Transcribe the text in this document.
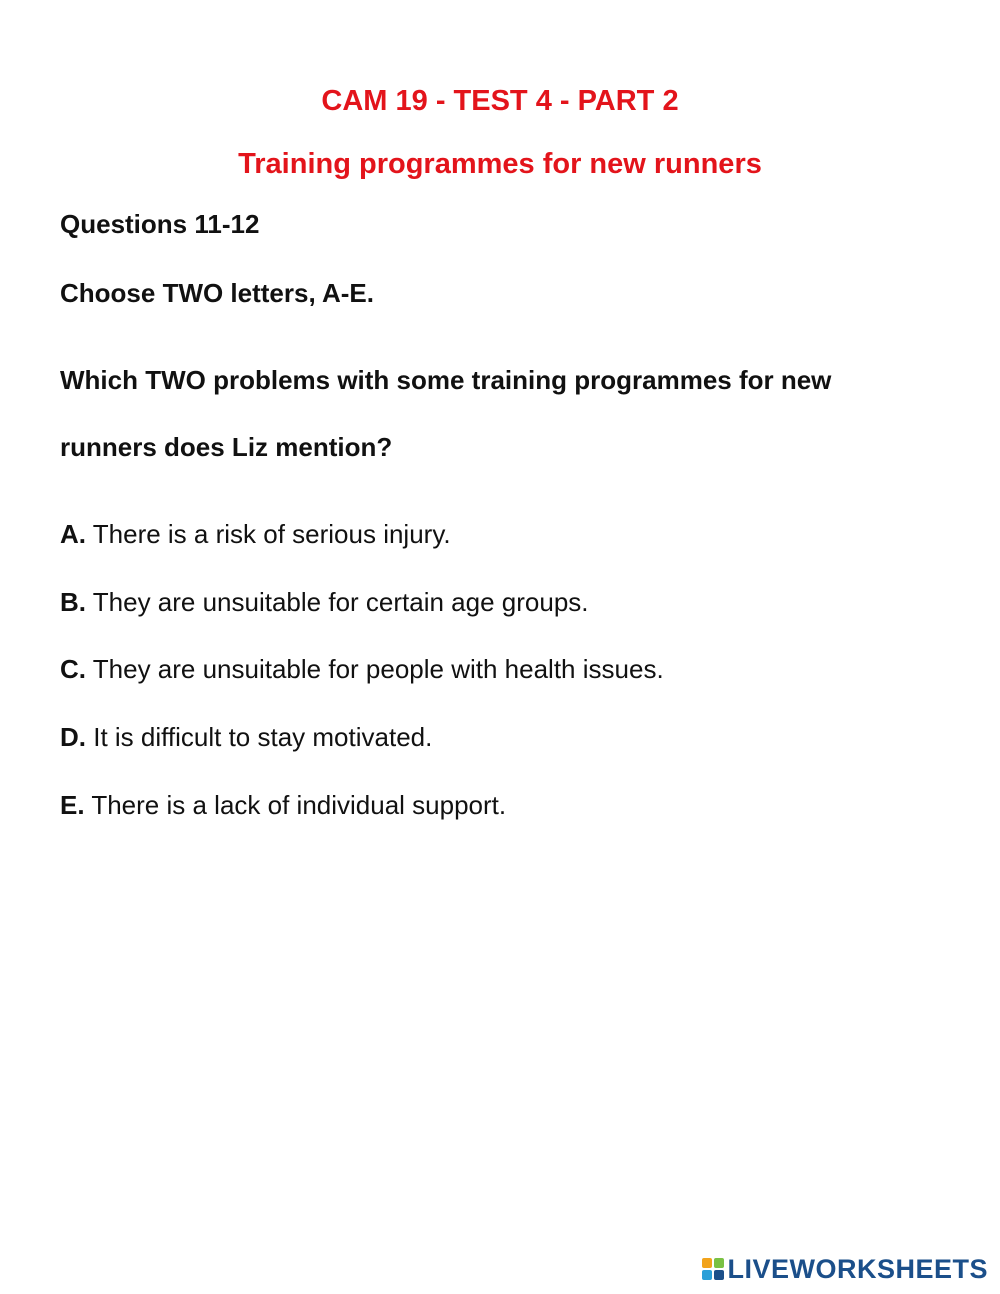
CAM 19 - TEST 4 - PART 2
Training programmes for new runners
Questions 11-12
Choose TWO letters, A-E.
Which TWO problems with some training programmes for new
runners does Liz mention?
A. There is a risk of serious injury.
B. They are unsuitable for certain age groups.
C. They are unsuitable for people with health issues.
D. It is difficult to stay motivated.
E. There is a lack of individual support.
LIVEWORKSHEETS
